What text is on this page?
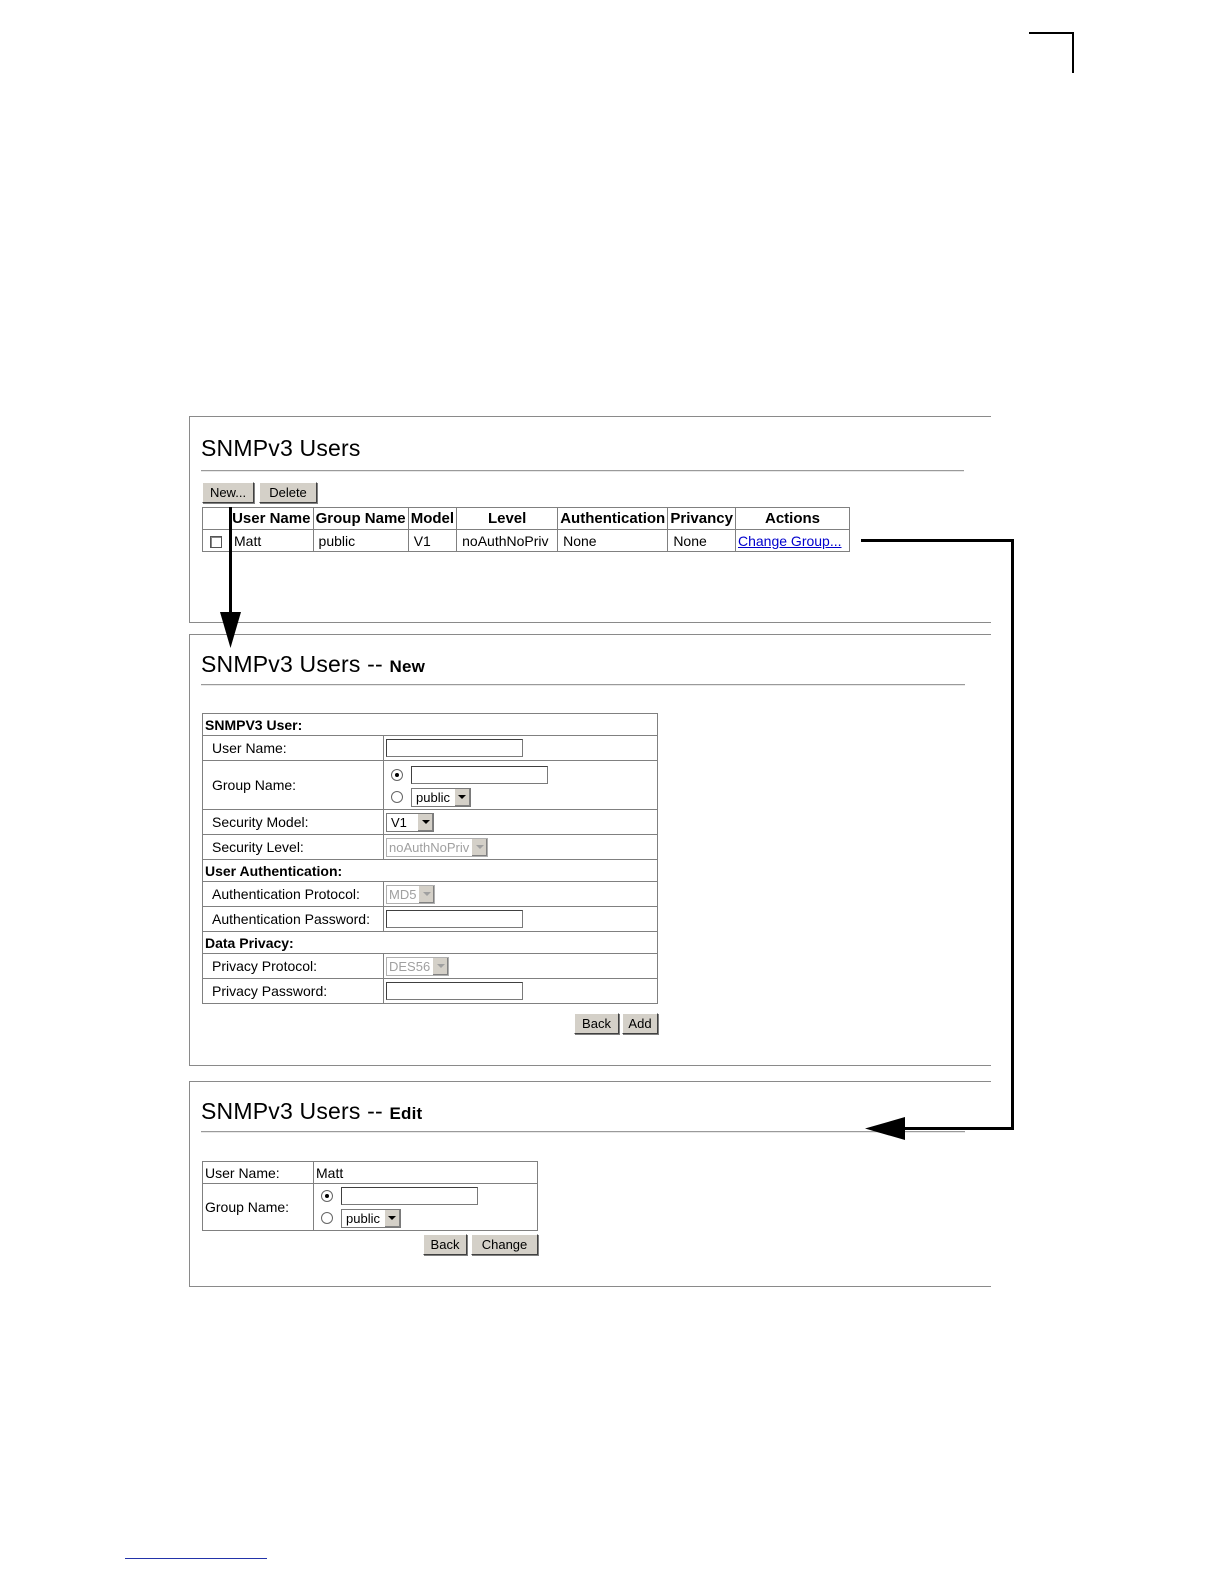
SNMPv3 Users
New...	Delete
	User Name	Group Name	Model	Level	Authentication	Privancy	Actions
	Matt	public	V1	noAuthNoPriv	None	None	Change Group...
SNMPv3 Users -- New
SNMPV3 User:	
User Name:	
Group Name:	public

Security Model:	V1

Security Level:	noAuthNoPriv

User Authentication:	
Authentication Protocol:	MD5

Authentication Password:	
Data Privacy:	
Privacy Protocol:	DES56

Privacy Password:	
Back	Add
SNMPv3 Users -- Edit
User Name:	Matt
Group Name:	public
Back	Change
